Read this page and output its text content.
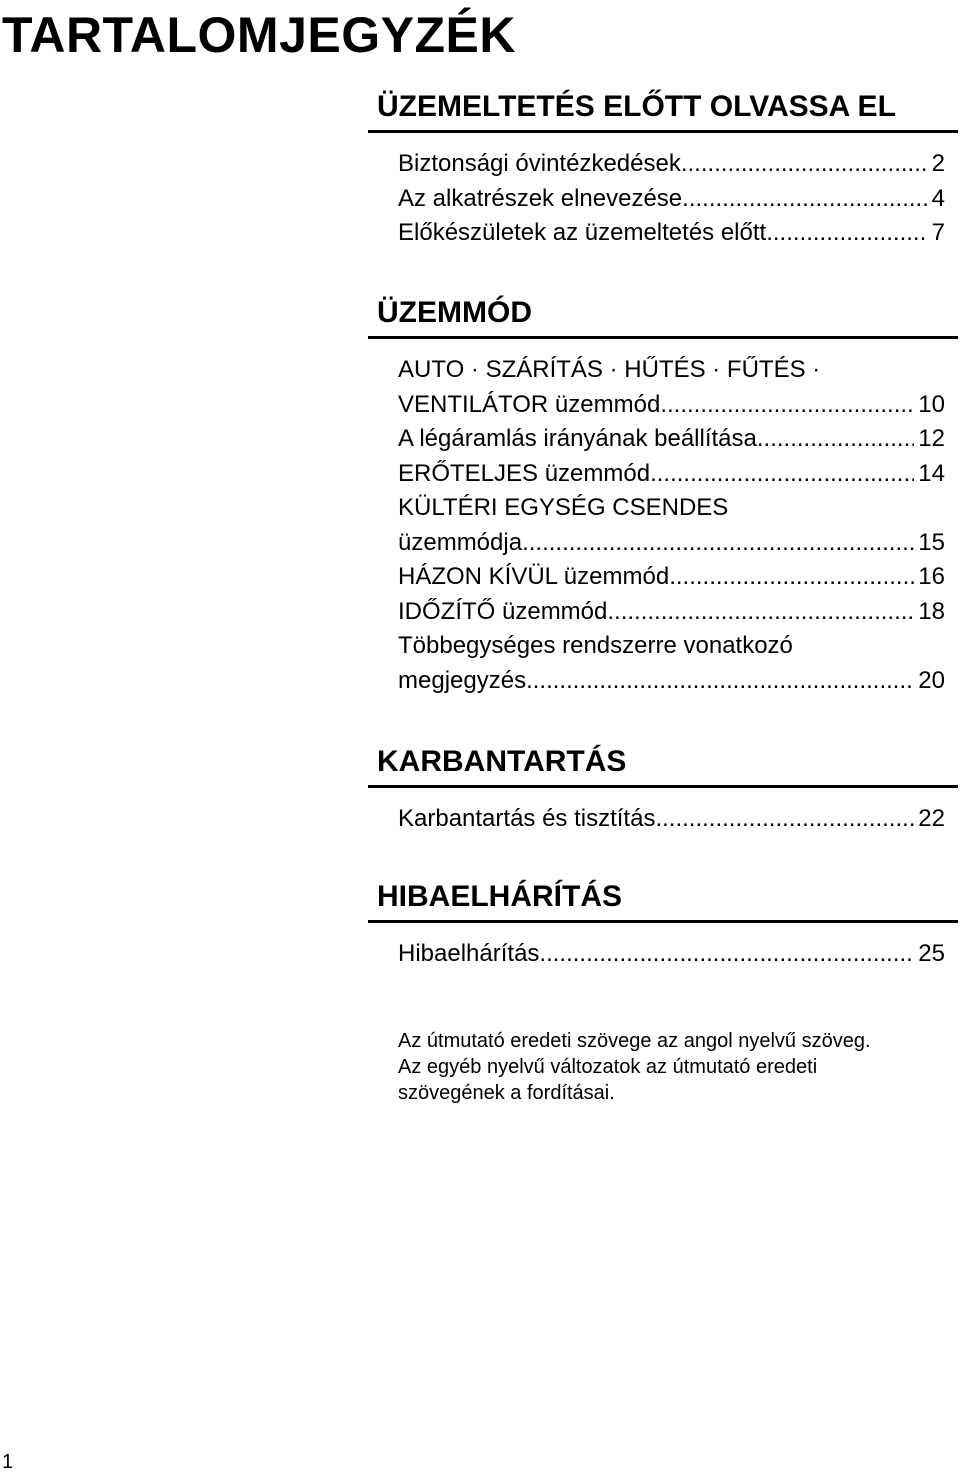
TARTALOMJEGYZÉK
ÜZEMELTETÉS ELŐTT OLVASSA EL
Biztonsági óvintézkedések .....	2
Az alkatrészek elnevezése .....	4
Előkészületek az üzemeltetés előtt .....	7
ÜZEMMÓD
AUTO · SZÁRÍTÁS · HŰTÉS · FŰTÉS ·
VENTILÁTOR üzemmód .....	10
A légáramlás irányának beállítása .....	12
ERŐTELJES üzemmód .....	14
KÜLTÉRI EGYSÉG CSENDES
üzemmódja .....	15
HÁZON KÍVÜL üzemmód .....	16
IDŐZÍTŐ üzemmód .....	18
Többegységes rendszerre vonatkozó
megjegyzés .....	20
KARBANTARTÁS
Karbantartás és tisztítás .....	22
HIBAELHÁRÍTÁS
Hibaelhárítás .....	25

Az útmutató eredeti szövege az angol nyelvű szöveg.
Az egyéb nyelvű változatok az útmutató eredeti
szövegének a fordításai.

1
